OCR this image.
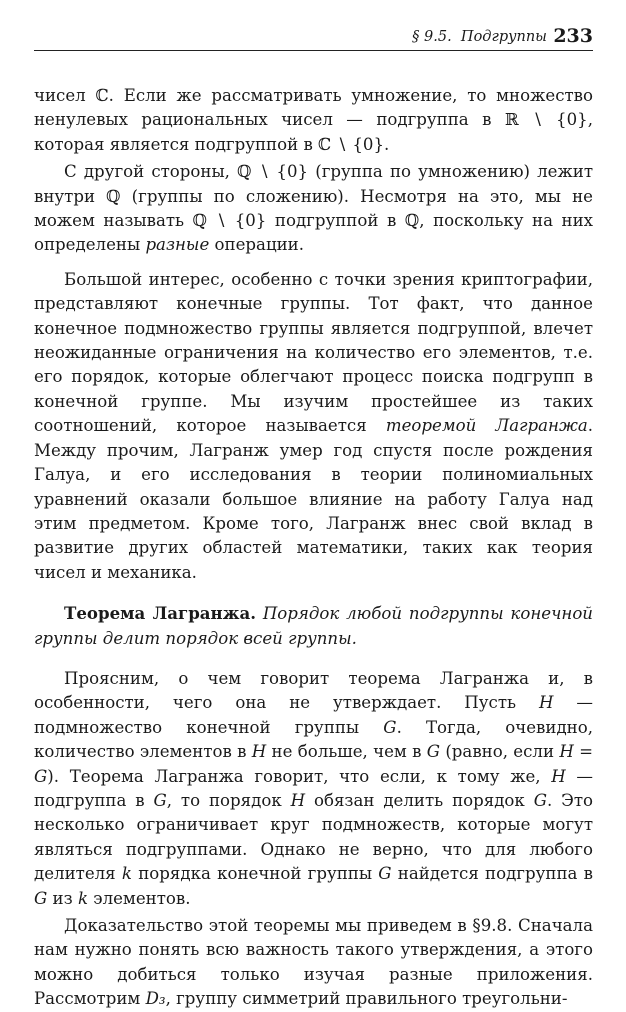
§ 9.5. Подгруппы 233

чисел ℂ. Если же рассматривать умножение, то множество ненулевых рациональных чисел — подгруппа в ℝ ∖ {0}, которая является подгруппой в ℂ ∖ {0}.

С другой стороны, ℚ ∖ {0} (группа по умножению) лежит внутри ℚ (группы по сложению). Несмотря на это, мы не можем называть ℚ ∖ {0} подгруппой в ℚ, поскольку на них определены разные операции.

Большой интерес, особенно с точки зрения криптографии, представляют конечные группы. Тот факт, что данное конечное подмножество группы является подгруппой, влечет неожиданные ограничения на количество его элементов, т.е. его порядок, которые облегчают процесс поиска подгрупп в конечной группе. Мы изучим простейшее из таких соотношений, которое называется теоремой Лагранжа. Между прочим, Лагранж умер год спустя после рождения Галуа, и его исследования в теории полиномиальных уравнений оказали большое влияние на работу Галуа над этим предметом. Кроме того, Лагранж внес свой вклад в развитие других областей математики, таких как теория чисел и механика.

Теорема Лагранжа. Порядок любой подгруппы конечной группы делит порядок всей группы.

Проясним, о чем говорит теорема Лагранжа и, в особенности, чего она не утверждает. Пусть H — подмножество конечной группы G. Тогда, очевидно, количество элементов в H не больше, чем в G (равно, если H = G). Теорема Лагранжа говорит, что если, к тому же, H — подгруппа в G, то порядок H обязан делить порядок G. Это несколько ограничивает круг подмножеств, которые могут являться подгруппами. Однако не верно, что для любого делителя k порядка конечной группы G найдется подгруппа в G из k элементов.

Доказательство этой теоремы мы приведем в §9.8. Сначала нам нужно понять всю важность такого утверждения, а этого можно добиться только изучая разные приложения. Рассмотрим D₃, группу симметрий правильного треугольни-
